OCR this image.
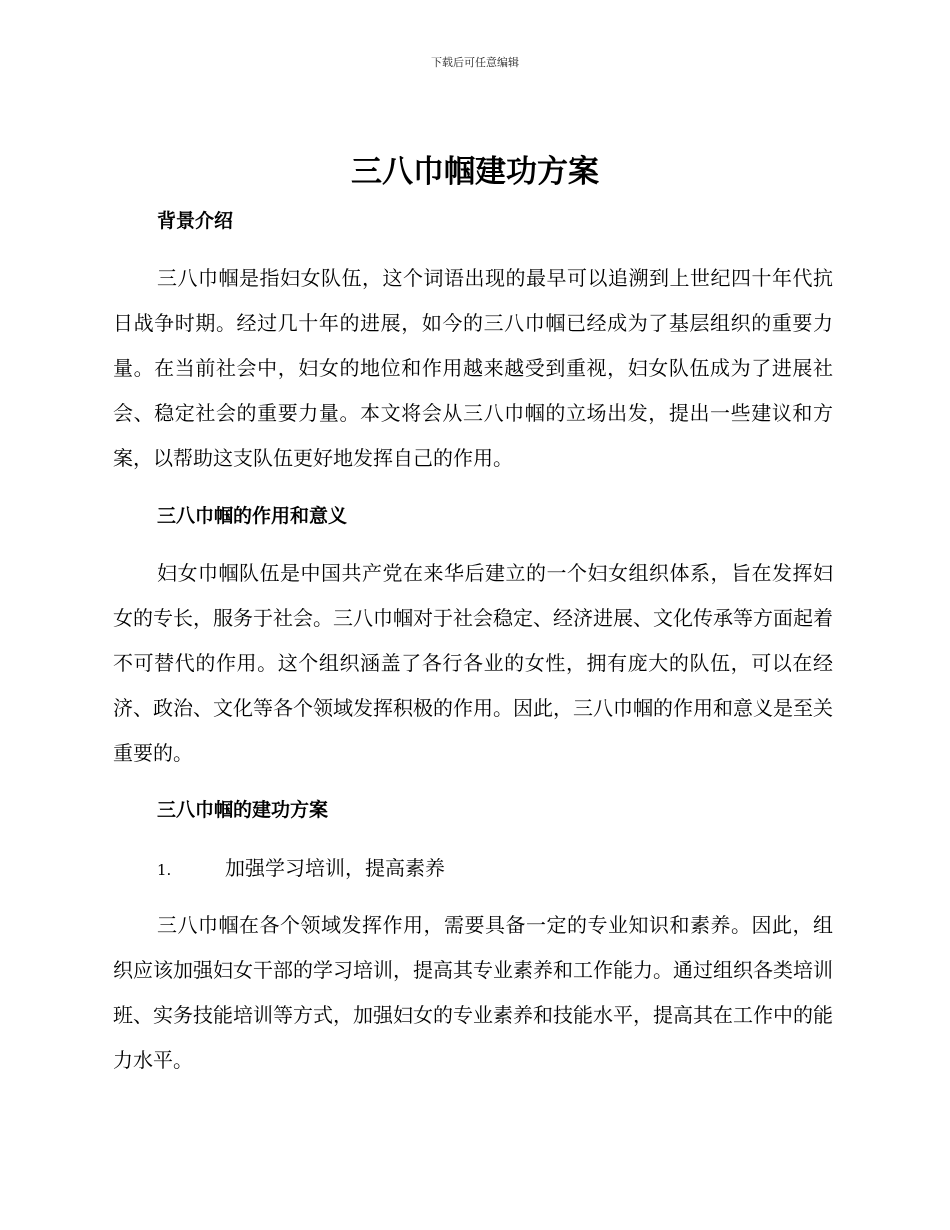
下载后可任意编辑
三八巾帼建功方案
背景介绍

三八巾帼是指妇女队伍，这个词语出现的最早可以追溯到上世纪四十年代抗日战争时期。经过几十年的进展，如今的三八巾帼已经成为了基层组织的重要力量。在当前社会中，妇女的地位和作用越来越受到重视，妇女队伍成为了进展社会、稳定社会的重要力量。本文将会从三八巾帼的立场出发，提出一些建议和方案，以帮助这支队伍更好地发挥自己的作用。

三八巾帼的作用和意义

妇女巾帼队伍是中国共产党在来华后建立的一个妇女组织体系，旨在发挥妇女的专长，服务于社会。三八巾帼对于社会稳定、经济进展、文化传承等方面起着不可替代的作用。这个组织涵盖了各行各业的女性，拥有庞大的队伍，可以在经济、政治、文化等各个领域发挥积极的作用。因此，三八巾帼的作用和意义是至关重要的。

三八巾帼的建功方案
1.	加强学习培训，提高素养

三八巾帼在各个领域发挥作用，需要具备一定的专业知识和素养。因此，组织应该加强妇女干部的学习培训，提高其专业素养和工作能力。通过组织各类培训班、实务技能培训等方式，加强妇女的专业素养和技能水平，提高其在工作中的能力水平。
